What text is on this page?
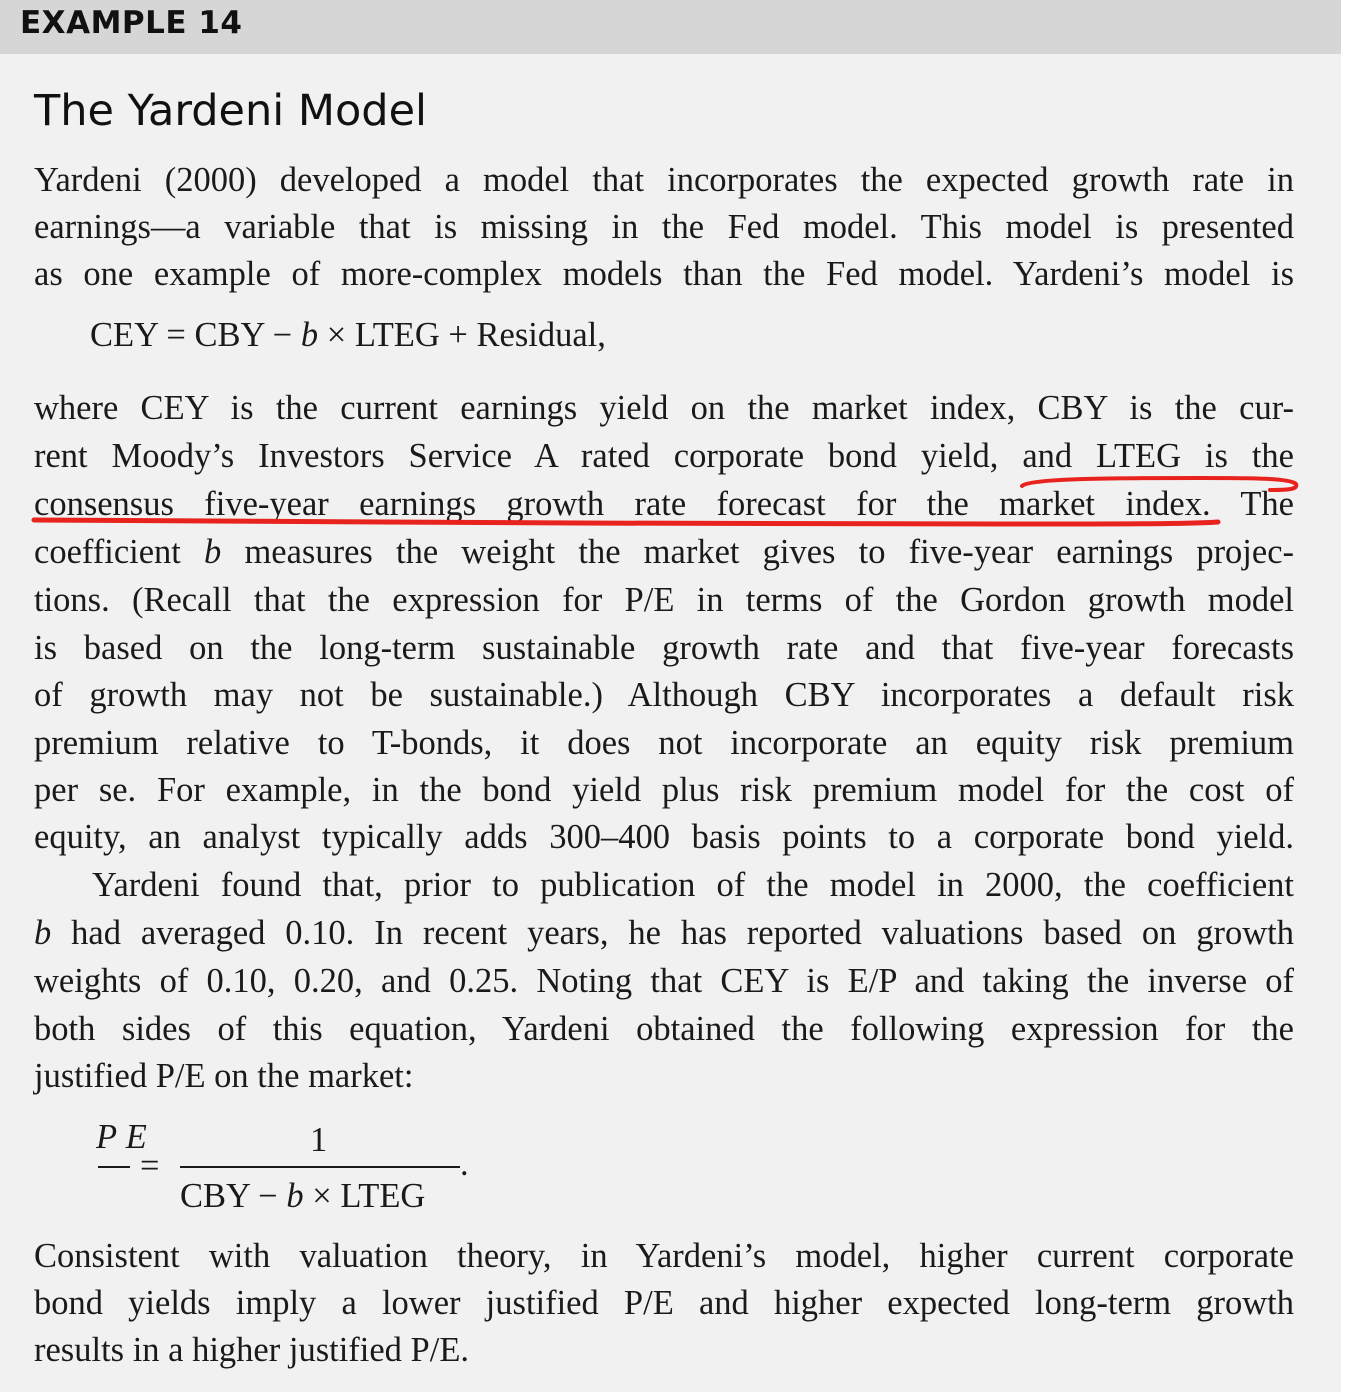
EXAMPLE 14
The Yardeni Model
Yardeni (2000) developed a model that incorporates the expected growth rate in
earnings—a variable that is missing in the Fed model. This model is presented
as one example of more-complex models than the Fed model. Yardeni’s model is
CEY = CBY − b × LTEG + Residual,
where CEY is the current earnings yield on the market index, CBY is the cur-
rent Moody’s Investors Service A rated corporate bond yield, and LTEG is the
consensus five-year earnings growth rate forecast for the market index. The
coefficient b measures the weight the market gives to five-year earnings projec-
tions. (Recall that the expression for P/E in terms of the Gordon growth model
is based on the long-term sustainable growth rate and that five-year forecasts
of growth may not be sustainable.) Although CBY incorporates a default risk
premium relative to T-bonds, it does not incorporate an equity risk premium
per se. For example, in the bond yield plus risk premium model for the cost of
equity, an analyst typically adds 300–400 basis points to a corporate bond yield.
Yardeni found that, prior to publication of the model in 2000, the coefficient
b had averaged 0.10. In recent years, he has reported valuations based on growth
weights of 0.10, 0.20, and 0.25. Noting that CEY is E/P and taking the inverse of
both sides of this equation, Yardeni obtained the following expression for the
justified P/E on the market:
P E
=
1
.
CBY − b × LTEG
Consistent with valuation theory, in Yardeni’s model, higher current corporate
bond yields imply a lower justified P/E and higher expected long-term growth
results in a higher justified P/E.
